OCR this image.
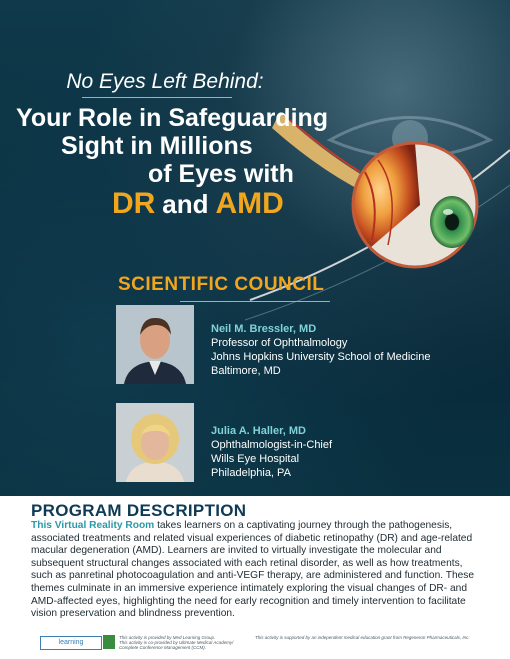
No Eyes Left Behind:
Your Role in Safeguarding
Sight in Millions
of Eyes with
DR and AMD
SCIENTIFIC COUNCIL
Neil M. Bressler, MD
Professor of Ophthalmology
Johns Hopkins University School of Medicine
Baltimore, MD
Julia A. Haller, MD
Ophthalmologist-in-Chief
Wills Eye Hospital
Philadelphia, PA
PROGRAM DESCRIPTION
This Virtual Reality Room takes learners on a captivating journey through the pathogenesis, associated treatments and related visual experiences of diabetic retinopathy (DR) and age-related macular degeneration (AMD). Learners are invited to virtually investigate the molecular and subsequent structural changes associated with each retinal disorder, as well as how treatments, such as panretinal photocoagulation and anti-VEGF therapy, are administered and function. These themes culminate in an immersive experience intimately exploring the visual changes of DR- and AMD-affected eyes, highlighting the need for early recognition and timely intervention to facilitate vision preservation and blindness prevention.
learning
This activity is provided by Med Learning Group.
This activity is co-provided by Ultimate Medical Academy/
Complete Conference Management (CCM).
This activity is supported by an independent medical education grant from Regeneron Pharmaceuticals, Inc.
